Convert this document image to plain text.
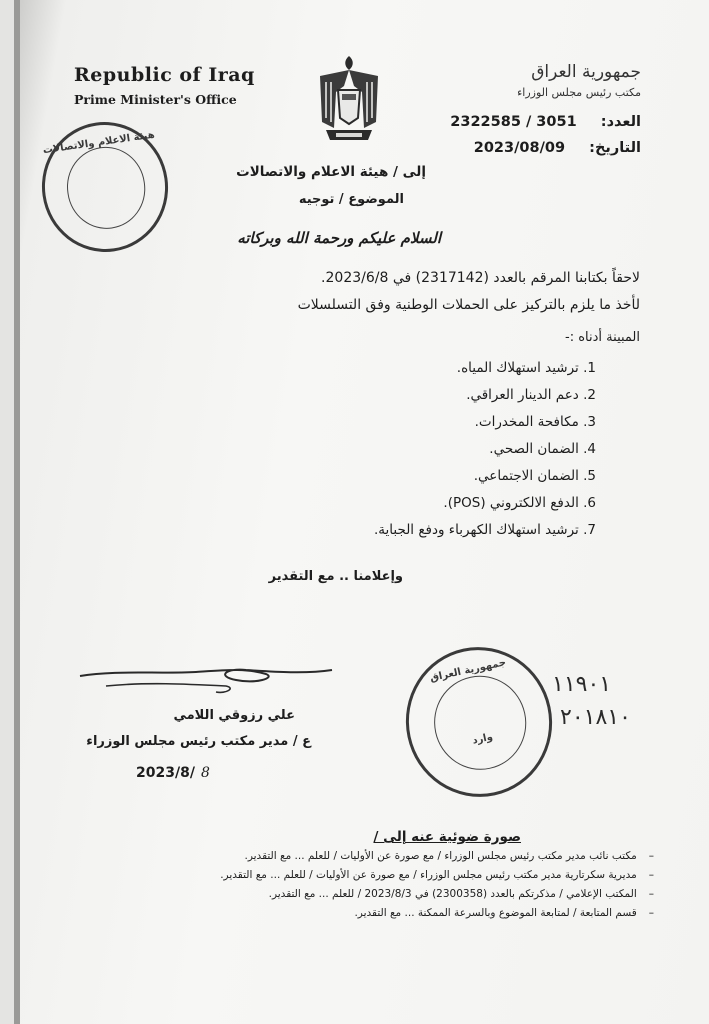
Republic of Iraq
Prime Minister's Office
جمهورية العراق
مكتب رئيس مجلس الوزراء
العدد:  2322585 / 3051
التاريخ:  2023/08/09
هيئة الاعلام والاتصالات
إلى / هيئة الاعلام والاتصالات
الموضوع / توجيه
السلام عليكم ورحمة الله وبركاته
لاحقاً بكتابنا المرقم بالعدد (2317142) في 2023/6/8.
لأخذ ما يلزم بالتركيز على الحملات الوطنية وفق التسلسلات
المبينة أدناه :-
1. ترشيد استهلاك المياه.
2. دعم الدينار العراقي.
3. مكافحة المخدرات.
4. الضمان الصحي.
5. الضمان الاجتماعي.
6. الدفع الالكتروني (POS).
7. ترشيد استهلاك الكهرباء ودفع الجباية.
وإعلامنا .. مع التقدير
علي رزوقي اللامي
ع / مدير مكتب رئيس مجلس الوزراء
2023/8/ 8
جمهورية العراق
وارد
١١٩٠١
٢٠١٨١٠
صورة ضوئية عنه إلى /
– مكتب نائب مدير مكتب رئيس مجلس الوزراء / مع صورة عن الأوليات / للعلم ... مع التقدير.
– مديرية سكرتارية مدير مكتب رئيس مجلس الوزراء / مع صورة عن الأوليات / للعلم ... مع التقدير.
– المكتب الإعلامي / مذكرتكم بالعدد (2300358) في 2023/8/3 / للعلم ... مع التقدير.
– قسم المتابعة / لمتابعة الموضوع وبالسرعة الممكنة ... مع التقدير.
